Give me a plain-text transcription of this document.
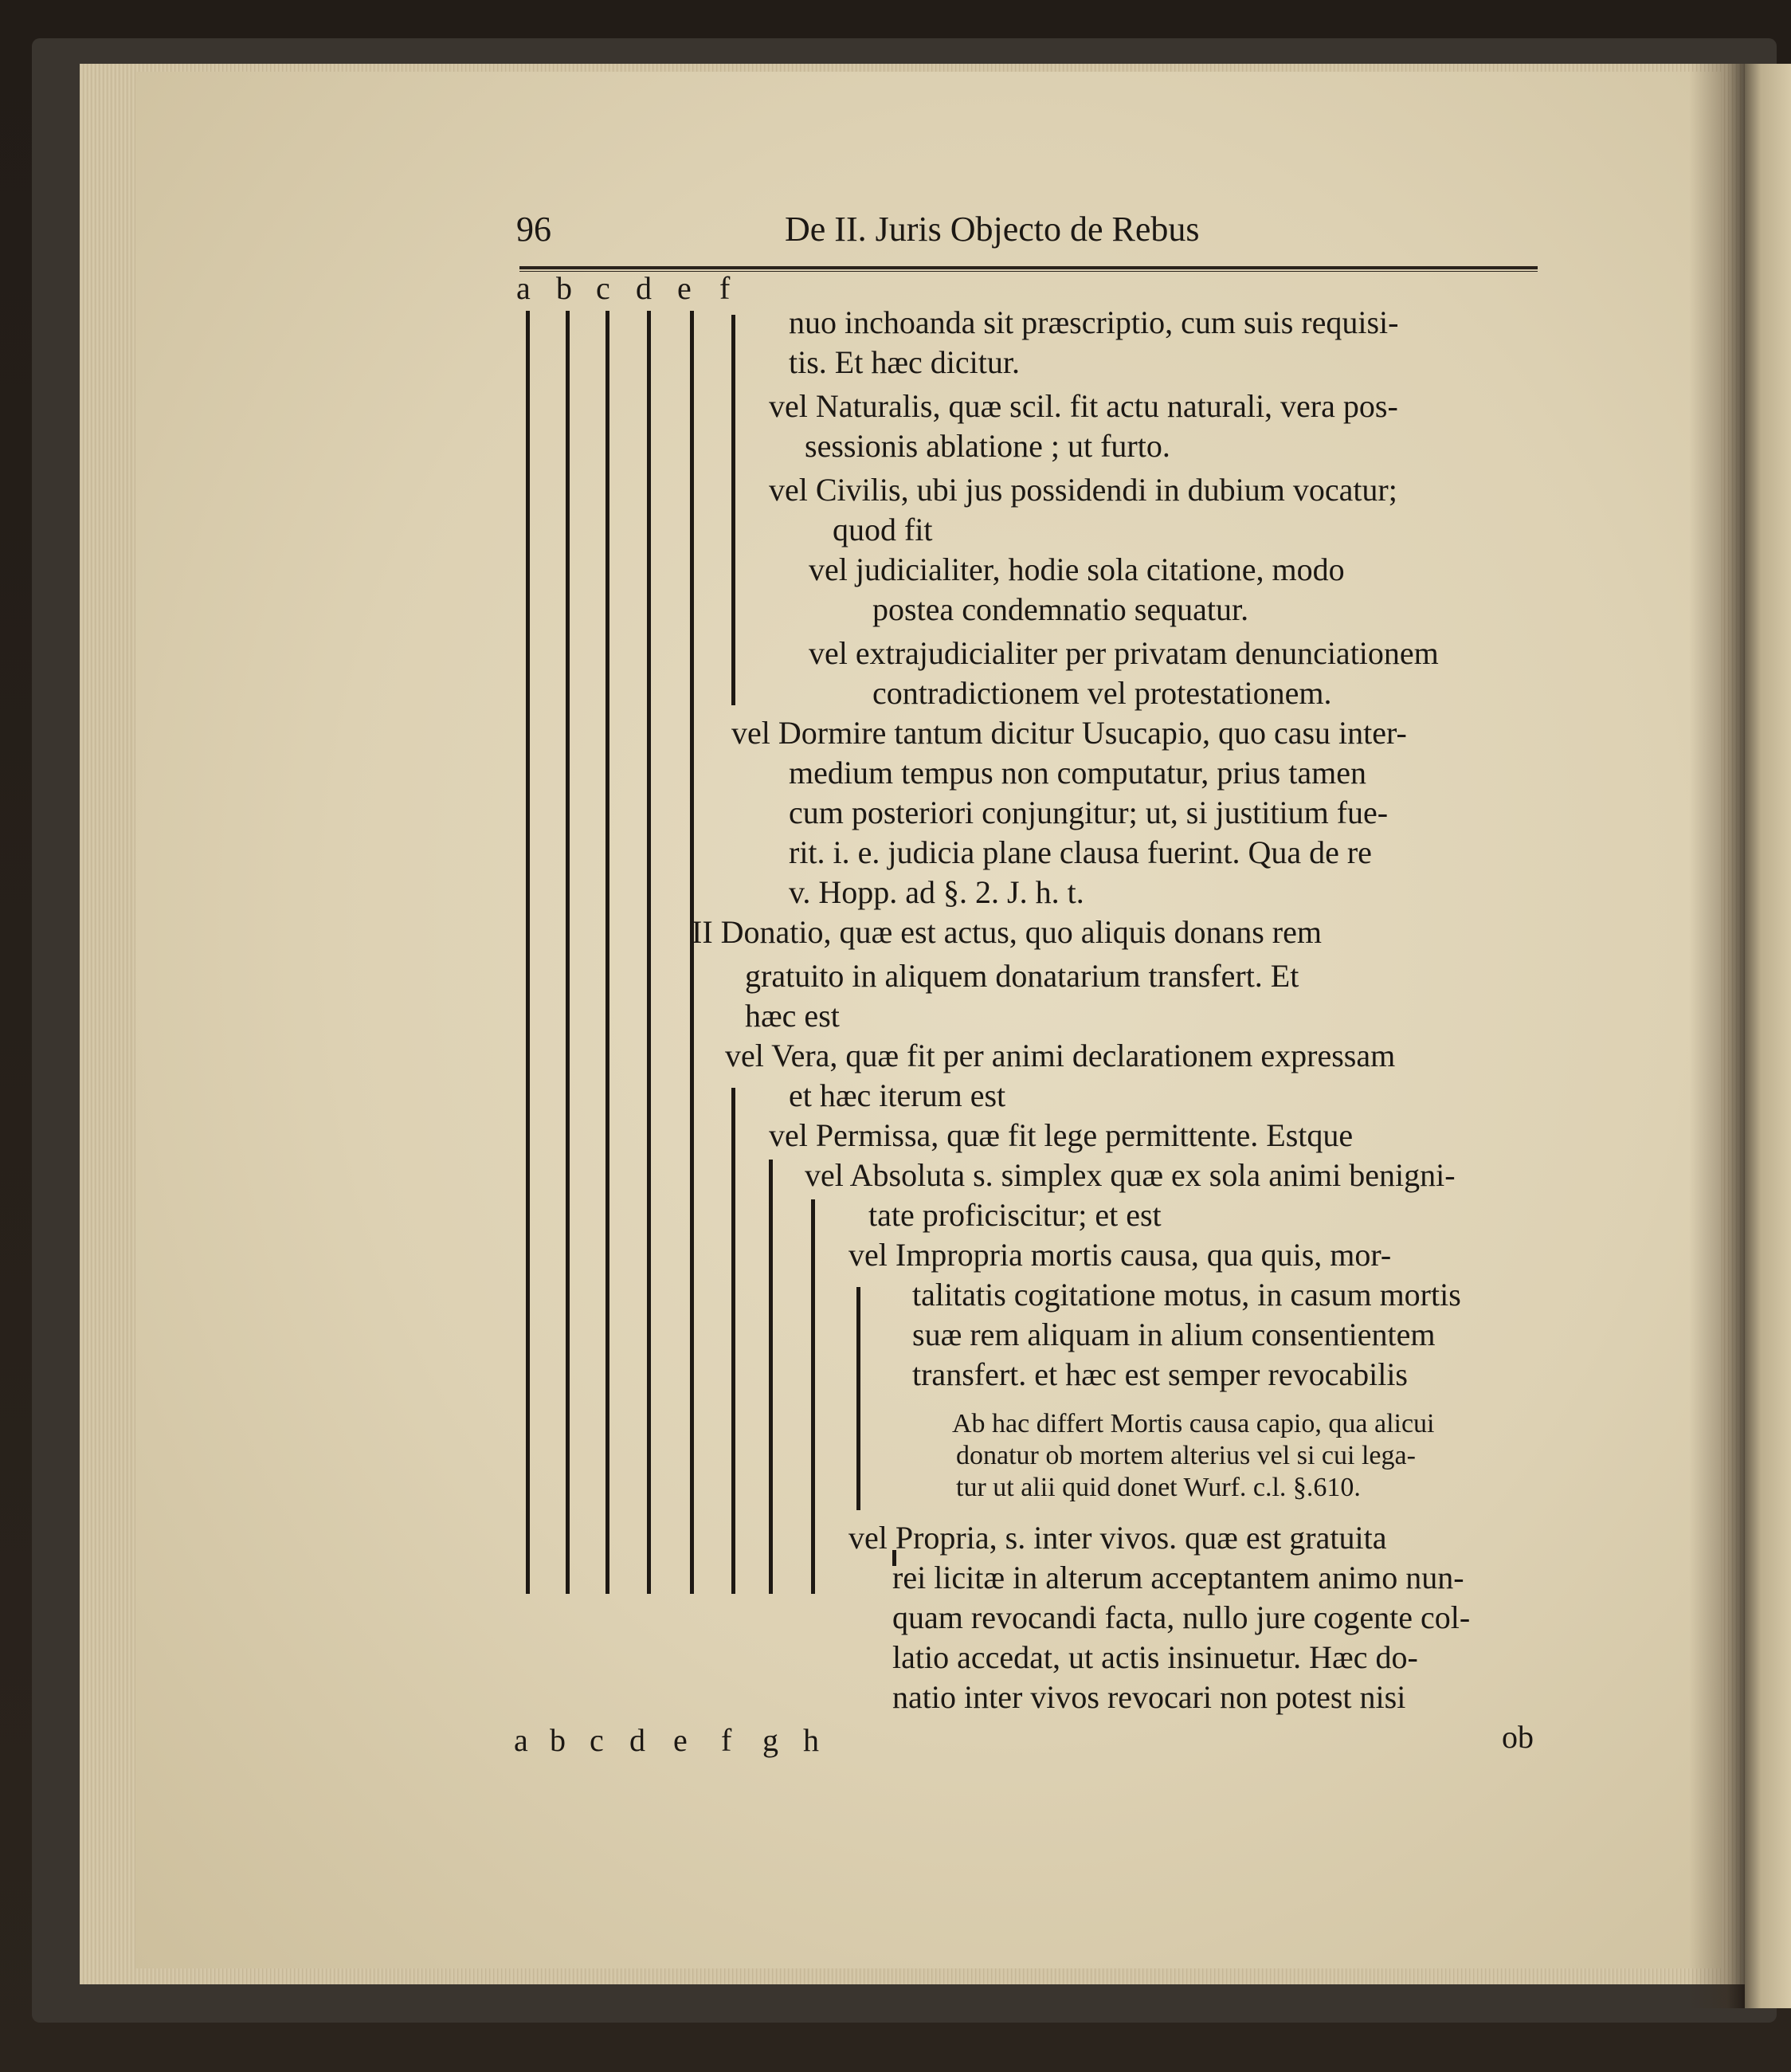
96	De II. Juris Objecto de Rebus
a b c d e f
nuo inchoanda sit præscriptio, cum suis requisi-
tis. Et hæc dicitur.
vel Naturalis, quæ scil. fit actu naturali, vera pos-
sessionis ablatione ; ut furto.
vel Civilis, ubi jus possidendi in dubium vocatur;
quod fit
vel judicialiter, hodie sola citatione, modo
postea condemnatio sequatur.
vel extrajudicialiter per privatam denunciationem
contradictionem vel protestationem.
vel Dormire tantum dicitur Usucapio, quo casu inter-
medium tempus non computatur, prius tamen
cum posteriori conjungitur; ut, si justitium fue-
rit. i. e. judicia plane clausa fuerint. Qua de re
v. Hopp. ad §. 2. J. h. t.
II Donatio, quæ est actus, quo aliquis donans rem
gratuito in aliquem donatarium transfert. Et
hæc est
vel Vera, quæ fit per animi declarationem expressam
et hæc iterum est
vel Permissa, quæ fit lege permittente. Estque
vel Absoluta s. simplex quæ ex sola animi benigni-
tate proficiscitur; et est
vel Impropria mortis causa, qua quis, mor-
talitatis cogitatione motus, in casum mortis
suæ rem aliquam in alium consentientem
transfert. et hæc est semper revocabilis
Ab hac differt Mortis causa capio, qua alicui
donatur ob mortem alterius vel si cui lega-
tur ut alii quid donet Wurf. c.l. §.610.
vel Propria, s. inter vivos. quæ est gratuita
rei licitæ in alterum acceptantem animo nun-
quam revocandi facta, nullo jure cogente col-
latio accedat, ut actis insinuetur. Hæc do-
natio inter vivos revocari non potest nisi
ob
a b c d e f g h
